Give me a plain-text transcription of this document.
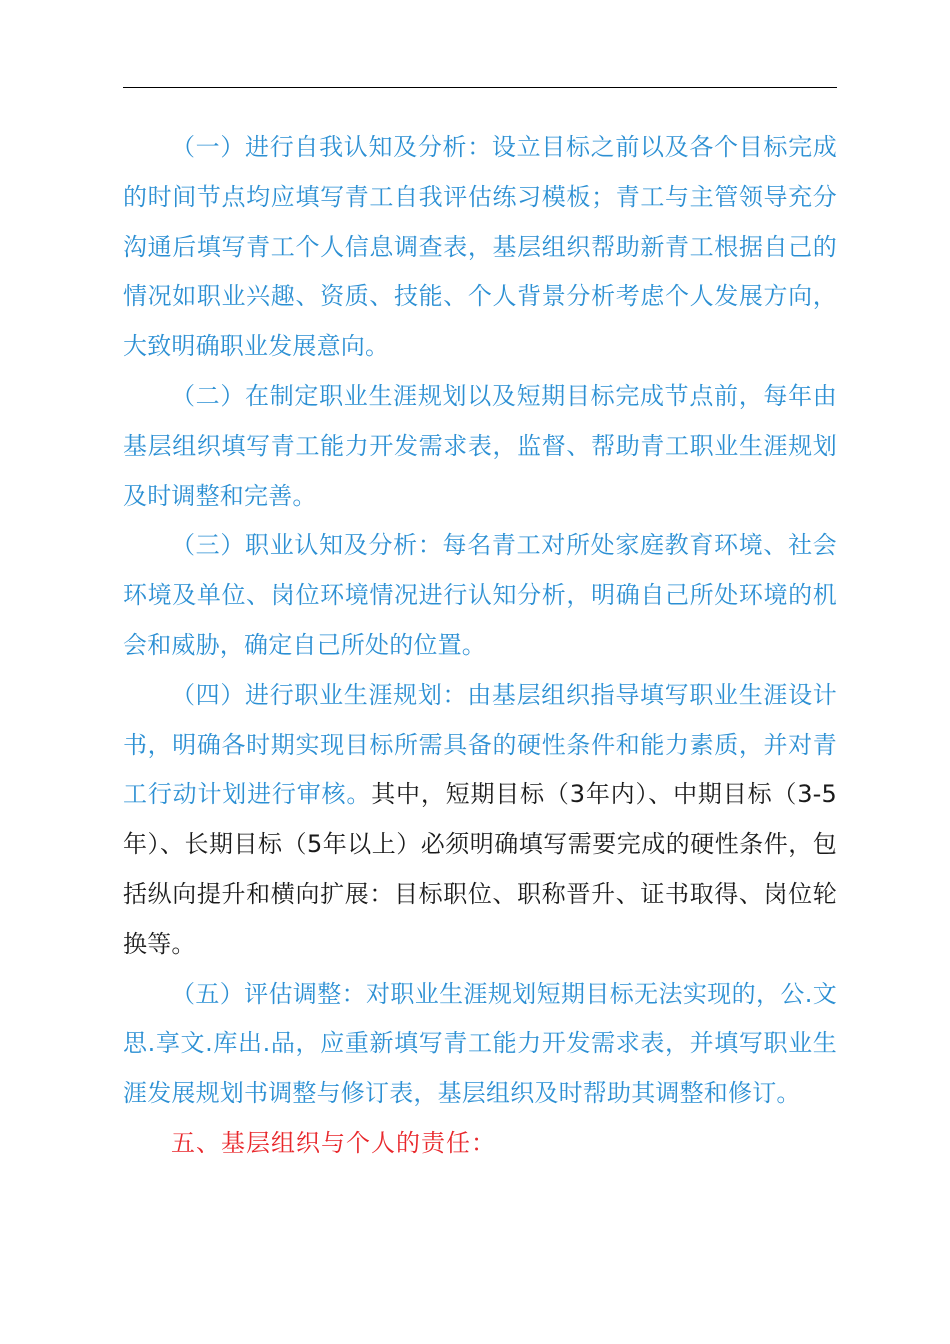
（一）进行自我认知及分析：设立目标之前以及各个目标完成的时间节点均应填写青工自我评估练习模板；青工与主管领导充分沟通后填写青工个人信息调查表，基层组织帮助新青工根据自己的情况如职业兴趣、资质、技能、个人背景分析考虑个人发展方向，大致明确职业发展意向。

（二）在制定职业生涯规划以及短期目标完成节点前，每年由基层组织填写青工能力开发需求表，监督、帮助青工职业生涯规划及时调整和完善。

（三）职业认知及分析：每名青工对所处家庭教育环境、社会环境及单位、岗位环境情况进行认知分析，明确自己所处环境的机会和威胁，确定自己所处的位置。

（四）进行职业生涯规划：由基层组织指导填写职业生涯设计书，明确各时期实现目标所需具备的硬性条件和能力素质，并对青工行动计划进行审核。其中，短期目标（3年内）、中期目标（3-5年）、长期目标（5年以上）必须明确填写需要完成的硬性条件，包括纵向提升和横向扩展：目标职位、职称晋升、证书取得、岗位轮换等。

（五）评估调整：对职业生涯规划短期目标无法实现的，公.文思.享文.库出.品，应重新填写青工能力开发需求表，并填写职业生涯发展规划书调整与修订表，基层组织及时帮助其调整和修订。

五、基层组织与个人的责任：
